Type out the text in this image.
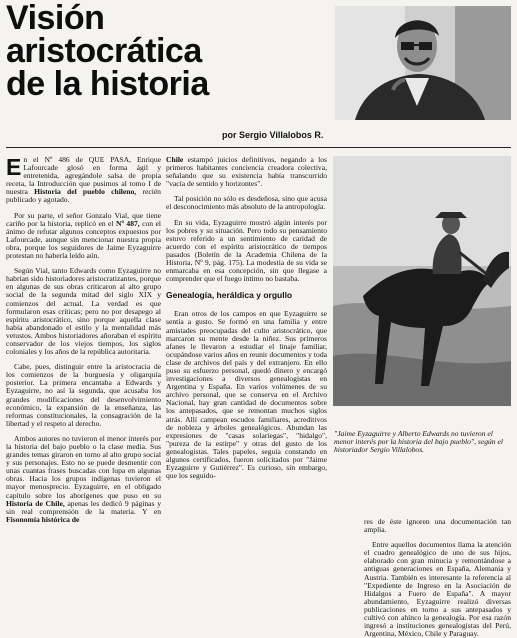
Visión
aristocrática
de la historia

por Sergio Villalobos R.

En el Nº 486 de QUE PASA, Enrique Lafourcade glosó en forma ágil y entretenida, agregándole salsa de propia receta, la Introducción que pusimos al tomo I de nuestra Historia del pueblo chileno, recién publicado y agotado.

Por su parte, el señor Gonzalo Vial, que tiene cariño por la historia, replicó en el Nº 487, con el ánimo de refutar algunos conceptos expuestos por Lafourcade, aunque sin mencionar nuestra propia obra, porque los seguidores de Jaime Eyzaguirre protestan no haberla leído aún.

Según Vial, tanto Edwards como Eyzaguirre no habrían sido historiadores aristocratizantes, porque en algunas de sus obras criticaron al alto grupo social de la segunda mitad del siglo XIX y comienzos del actual. La verdad es que formularon esas críticas; pero no por desapego al espíritu aristocrático, sino porque aquella clase había abandonado el estilo y la mentalidad más vetustos. Ambos historiadores añoraban el espíritu conservador de los viejos tiempos, los siglos coloniales y los años de la república autoritaria.

Cabe, pues, distinguir entre la aristocracia de los comienzos de la burguesía y oligarquía posterior. La primera encantaba a Edwards y Eyzaguirre, no así la segunda, que acusaba los grandes modificaciones del desenvolvimiento económico, la expansión de la enseñanza, las reformas constitucionales, la consagración de la libertad y el respeto al derecho.

Ambos autores no tuvieron el menor interés por la historia del bajo pueblo o la clase media. Sus grandes temas giraron en torno al alto grupo social y sus personajes. Esto no se puede desmentir con unas cuantas frases buscadas con lupa en algunas obras. Hacia los grupos indígenas tuvieron el mayor menosprecio. Eyzaguirre, en el obligado capítulo sobre los aborígenes que puso en su Historia de Chile, apenas les dedicó 9 páginas y sin real comprensión de la materia. Y en Fisonomía histórica de

Chile estampó juicios definitivos, negando a los primeros habitantes conciencia creadora colectiva, señalando que su existencia había transcurrido "vacía de sentido y horizontes".

Tal posición no sólo es desdeñosa, sino que acusa el desconocimiento más absoluto de la antropología.

En su vida, Eyzaguirre mostró algún interés por los pobres y su situación. Pero todo su pensamiento estuvo referido a un sentimiento de caridad de acuerdo con el espíritu aristocrático de tiempos pasados (Boletín de la Academia Chilena de la Historia, Nº 9, pág. 175). La modestia de su vida se enmarcaba en esa concepción, sin que llegase a comprender que el fuego íntimo no bastaba.

Genealogía, heráldica y orgullo

Eran otros de los campos en que Eyzaguirre se sentía a gusto. Se formó en una familia y entre amistades preocupadas del culto aristocrático, que marcaron su mente desde la niñez. Sus primeros afanes le llevaron a estudiar el linaje familiar, ocupándose varios años en reunir documentos y toda clase de archivos del país y del extranjero. En ello puso su esfuerzo personal, quedó dinero y encargó investigaciones a diversos genealogistas en Argentina y España. En varios volúmenes de su archivo personal, que se conserva en el Archivo Nacional, hay gran cantidad de documentos sobre los antepasados, que se remontan muchos siglos atrás. Allí campean escudos familiares, acreditivos de nobleza y árboles genealógicos. Abundan las expresiones de "casas solariegas", "hidalgo", "pureza de la estirpe" y otras del gusto de los genealogistas. Tales papeles, seguía constando en algunos certificados, fueron solicitados por "Jaime Eyzaguirre y Gutiérrez". Es curioso, sin embargo, que los seguido-

"Jaime Eyzaguirre y Alberto Edwards no tuvieron el menor interés por la historia del bajo pueblo", según el historiador Sergio Villalobos.

res de éste ignoren una documentación tan amplia.

Entre aquellos documentos llama la atención el cuadro genealógico de uno de sus hijos, elaborado con gran minucia y remontándose a antiguas generaciones en España, Alemania y Austria. También es interesante la referencia al "Expediente de Ingreso en la Asociación de Hidalgos a Fuero de España". A mayor abundamiento, Eyzaguirre realizó diversas publicaciones en torno a sus antepasados y cultivó con ahínco la genealogía. Por esa razón ingresó a instituciones genealogistas del Perú, Argentina, México, Chile y Paraguay.
